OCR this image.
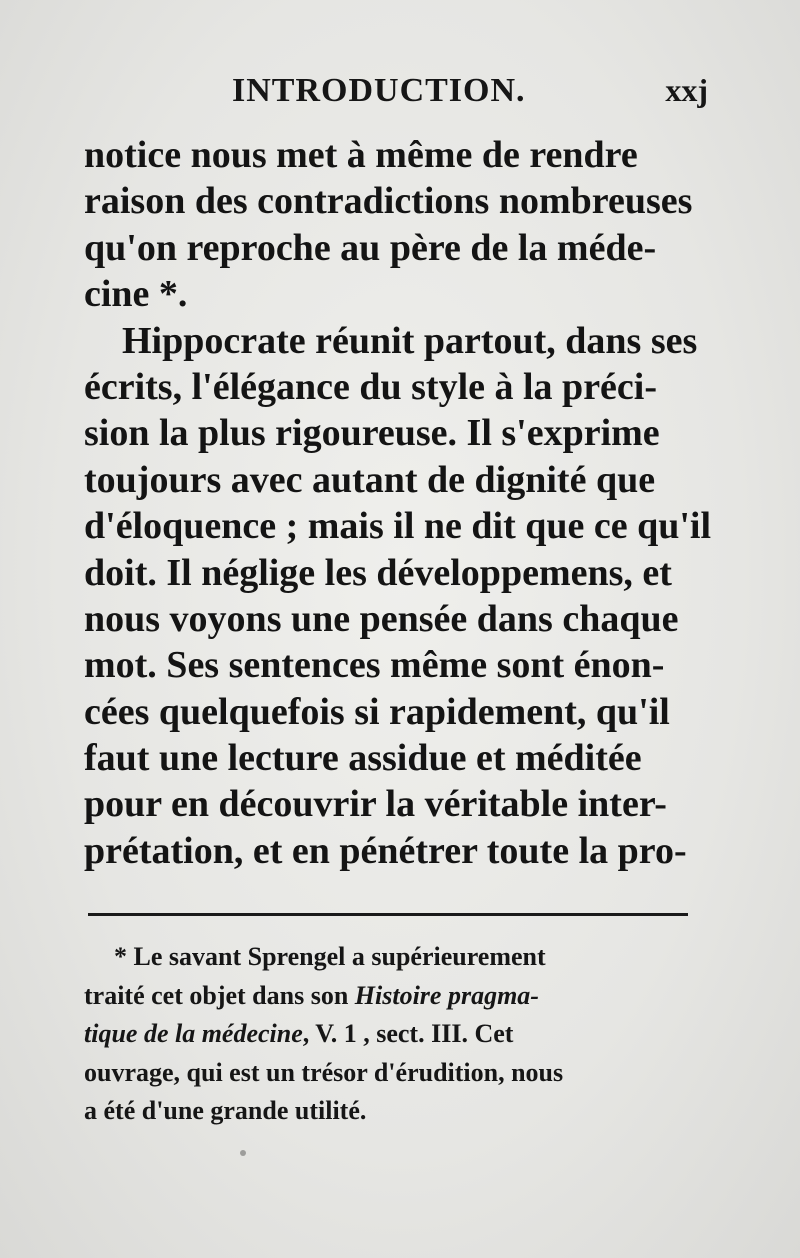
INTRODUCTION.	xxj
notice nous met à même de rendre
raison des contradictions nombreuses
qu'on reproche au père de la méde-
cine *.
Hippocrate réunit partout, dans ses
écrits, l'élégance du style à la préci-
sion la plus rigoureuse. Il s'exprime
toujours avec autant de dignité que
d'éloquence ; mais il ne dit que ce qu'il
doit. Il néglige les développemens, et
nous voyons une pensée dans chaque
mot. Ses sentences même sont énon-
cées quelquefois si rapidement, qu'il
faut une lecture assidue et méditée
pour en découvrir la véritable inter-
prétation, et en pénétrer toute la pro-
* Le savant Sprengel a supérieurement
traité cet objet dans son
Histoire pragma-
tique de la médecine , V. 1 , sect. III. Cet
ouvrage, qui est un trésor d'érudition, nous
a été d'une grande utilité.
